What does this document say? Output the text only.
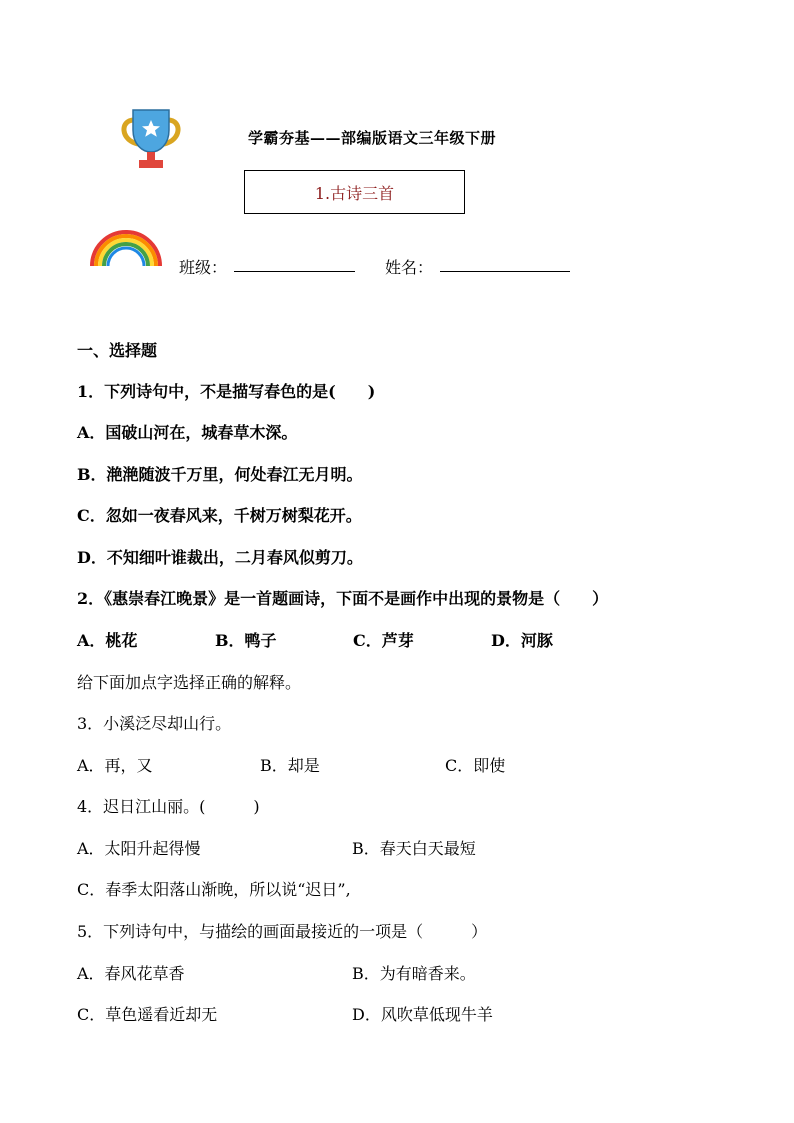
学霸夯基——部编版语文三年级下册
1.古诗三首
班级：	姓名：
一、选择题
1．下列诗句中，不是描写春色的是(　　)
A．国破山河在，城春草木深。
B．滟滟随波千万里，何处春江无月明。
C．忽如一夜春风来，千树万树梨花开。
D．不知细叶谁裁出，二月春风似剪刀。
2．《惠崇春江晚景》是一首题画诗，下面不是画作中出现的景物是（　　）
A．桃花	B．鸭子	C．芦芽	D．河豚
给下面加点字选择正确的解释。
3．小溪泛尽却山行。
A．再，又	B．却是	C．即使
4．迟日江山丽。(　　　)
A．太阳升起得慢	B．春天白天最短
C．春季太阳落山渐晚，所以说“迟日”,
5．下列诗句中，与描绘的画面最接近的一项是（　　　）
A．春风花草香	B．为有暗香来。
C．草色遥看近却无	D．风吹草低现牛羊
